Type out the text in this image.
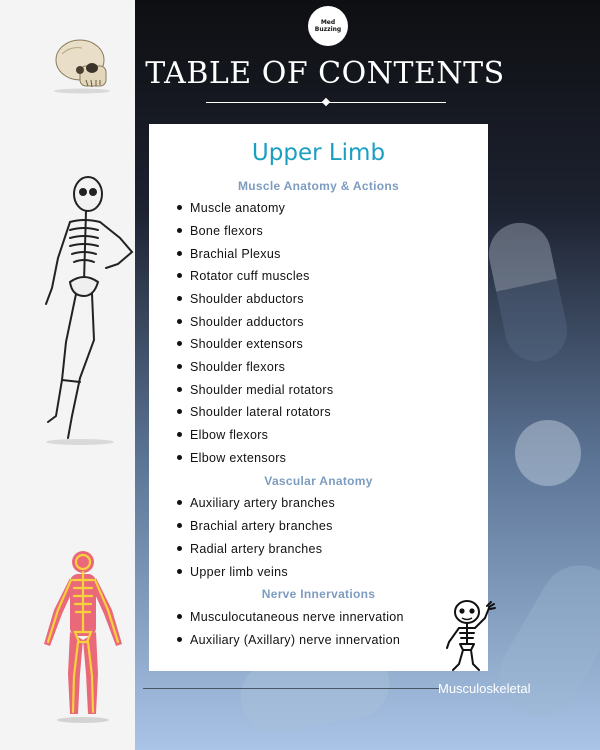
Med Buzzing
TABLE OF CONTENTS
Upper Limb
Muscle Anatomy & Actions
Muscle anatomy
Bone flexors
Brachial Plexus
Rotator cuff muscles
Shoulder abductors
Shoulder adductors
Shoulder extensors
Shoulder flexors
Shoulder medial rotators
Shoulder lateral rotators
Elbow flexors
Elbow extensors
Vascular Anatomy
Auxiliary artery branches
Brachial artery branches
Radial artery branches
Upper limb veins
Nerve Innervations
Musculocutaneous nerve innervation
Auxiliary (Axillary) nerve innervation
Musculoskeletal
